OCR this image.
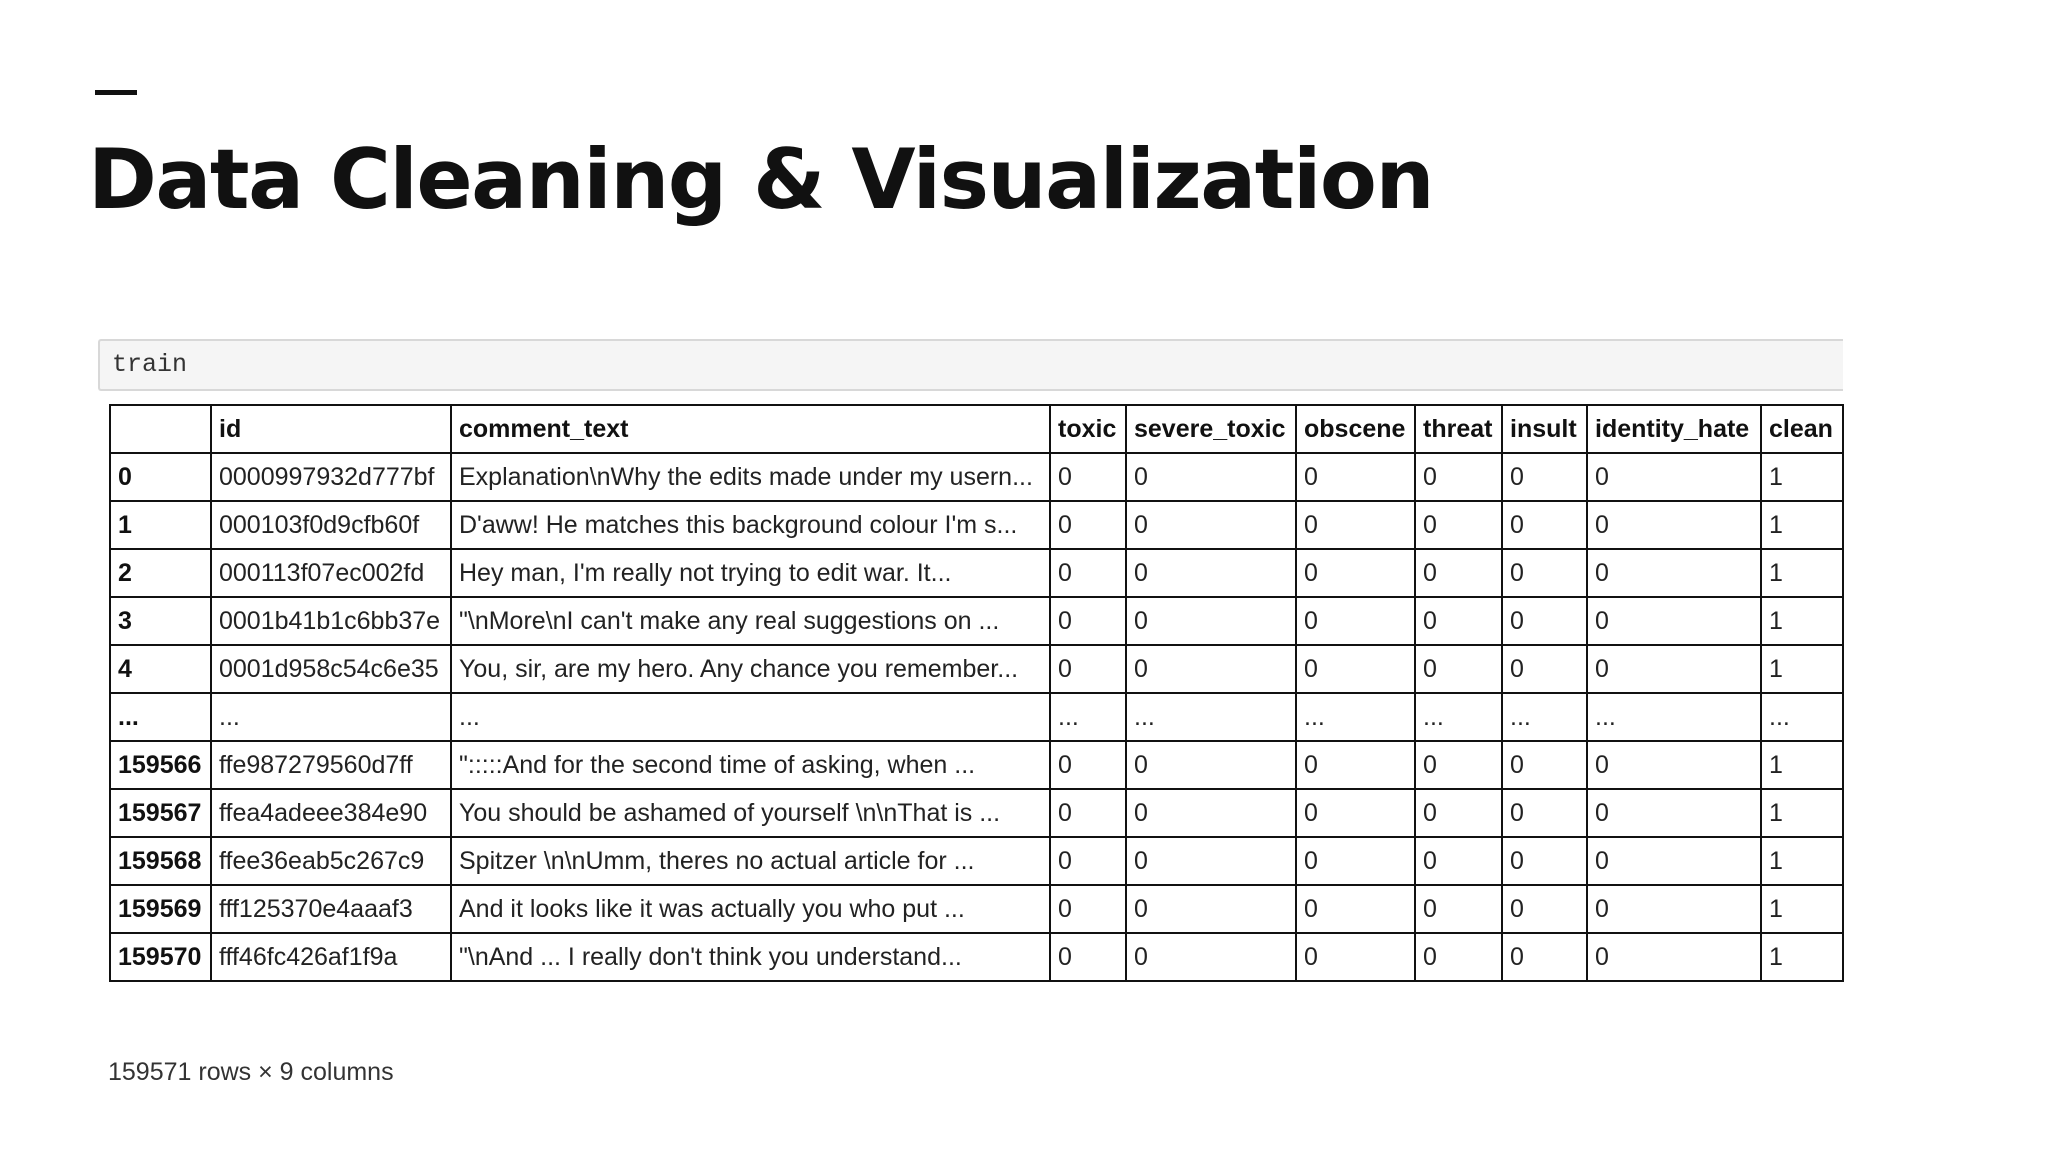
Data Cleaning & Visualization
train
	id	comment_text	toxic	severe_toxic	obscene	threat	insult	identity_hate	clean
0	0000997932d777bf	Explanation\nWhy the edits made under my usern...	0	0	0	0	0	0	1
1	000103f0d9cfb60f	D'aww! He matches this background colour I'm s...	0	0	0	0	0	0	1
2	000113f07ec002fd	Hey man, I'm really not trying to edit war. It...	0	0	0	0	0	0	1
3	0001b41b1c6bb37e	"\nMore\nI can't make any real suggestions on ...	0	0	0	0	0	0	1
4	0001d958c54c6e35	You, sir, are my hero. Any chance you remember...	0	0	0	0	0	0	1
...	...	...	...	...	...	...	...	...	...
159566	ffe987279560d7ff	":::::And for the second time of asking, when ...	0	0	0	0	0	0	1
159567	ffea4adeee384e90	You should be ashamed of yourself \n\nThat is ...	0	0	0	0	0	0	1
159568	ffee36eab5c267c9	Spitzer \n\nUmm, theres no actual article for ...	0	0	0	0	0	0	1
159569	fff125370e4aaaf3	And it looks like it was actually you who put ...	0	0	0	0	0	0	1
159570	fff46fc426af1f9a	"\nAnd ... I really don't think you understand...	0	0	0	0	0	0	1
159571 rows × 9 columns
